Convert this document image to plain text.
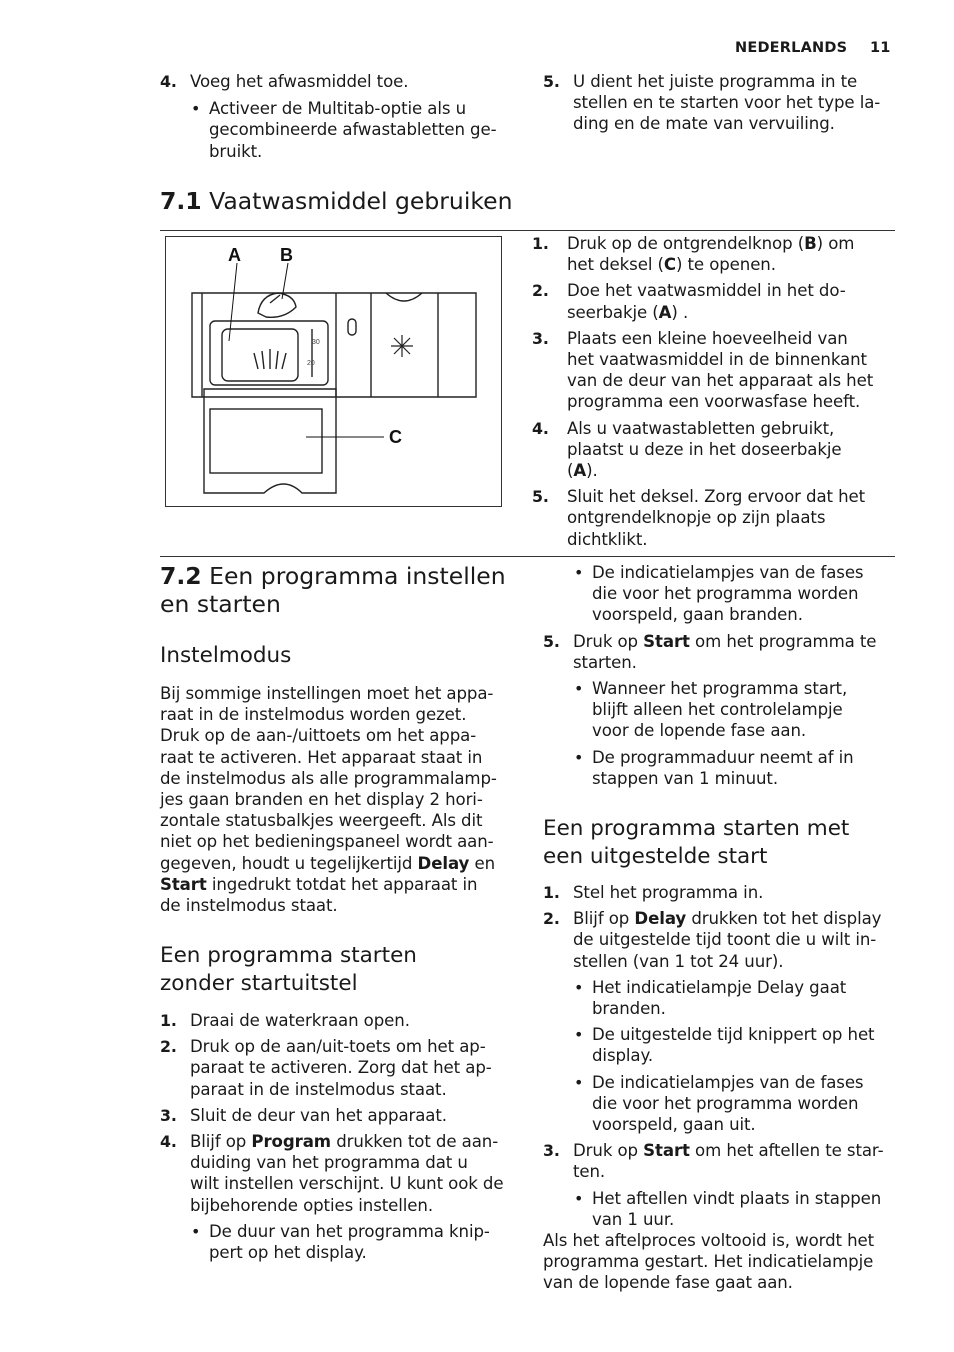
NEDERLANDS 11
4. Voeg het afwasmiddel toe.
• Activeer de Multitab-optie als u
gecombineerde afwastabletten ge-
bruikt.
5. U dient het juiste programma in te
stellen en te starten voor het type la-
ding en de mate van vervuiling.
7.1 Vaatwasmiddel gebruiken
A B
C
30
20
1. Druk op de ontgrendelknop (B) om
het deksel (C) te openen.
2. Doe het vaatwasmiddel in het do-
seerbakje (A) .
3. Plaats een kleine hoeveelheid van
het vaatwasmiddel in de binnenkant
van de deur van het apparaat als het
programma een voorwasfase heeft.
4. Als u vaatwastabletten gebruikt,
plaatst u deze in het doseerbakje
(A).
5. Sluit het deksel. Zorg ervoor dat het
ontgrendelknopje op zijn plaats
dichtklikt.
7.2 Een programma instellen
en starten
Instelmodus
Bij sommige instellingen moet het appa-
raat in de instelmodus worden gezet.
Druk op de aan-/uittoets om het appa-
raat te activeren. Het apparaat staat in
de instelmodus als alle programmalamp-
jes gaan branden en het display 2 hori-
zontale statusbalkjes weergeeft. Als dit
niet op het bedieningspaneel wordt aan-
gegeven, houdt u tegelijkertijd Delay en
Start ingedrukt totdat het apparaat in
de instelmodus staat.
Een programma starten
zonder startuitstel
1. Draai de waterkraan open.
2. Druk op de aan/uit-toets om het ap-
paraat te activeren. Zorg dat het ap-
paraat in de instelmodus staat.
3. Sluit de deur van het apparaat.
4. Blijf op Program drukken tot de aan-
duiding van het programma dat u
wilt instellen verschijnt. U kunt ook de
bijbehorende opties instellen.
• De duur van het programma knip-
pert op het display.
• De indicatielampjes van de fases
die voor het programma worden
voorspeld, gaan branden.
5. Druk op Start om het programma te
starten.
• Wanneer het programma start,
blijft alleen het controlelampje
voor de lopende fase aan.
• De programmaduur neemt af in
stappen van 1 minuut.
Een programma starten met
een uitgestelde start
1. Stel het programma in.
2. Blijf op Delay drukken tot het display
de uitgestelde tijd toont die u wilt in-
stellen (van 1 tot 24 uur).
• Het indicatielampje Delay gaat
branden.
• De uitgestelde tijd knippert op het
display.
• De indicatielampjes van de fases
die voor het programma worden
voorspeld, gaan uit.
3. Druk op Start om het aftellen te star-
ten.
• Het aftellen vindt plaats in stappen
van 1 uur.
Als het aftelproces voltooid is, wordt het
programma gestart. Het indicatielampje
van de lopende fase gaat aan.
